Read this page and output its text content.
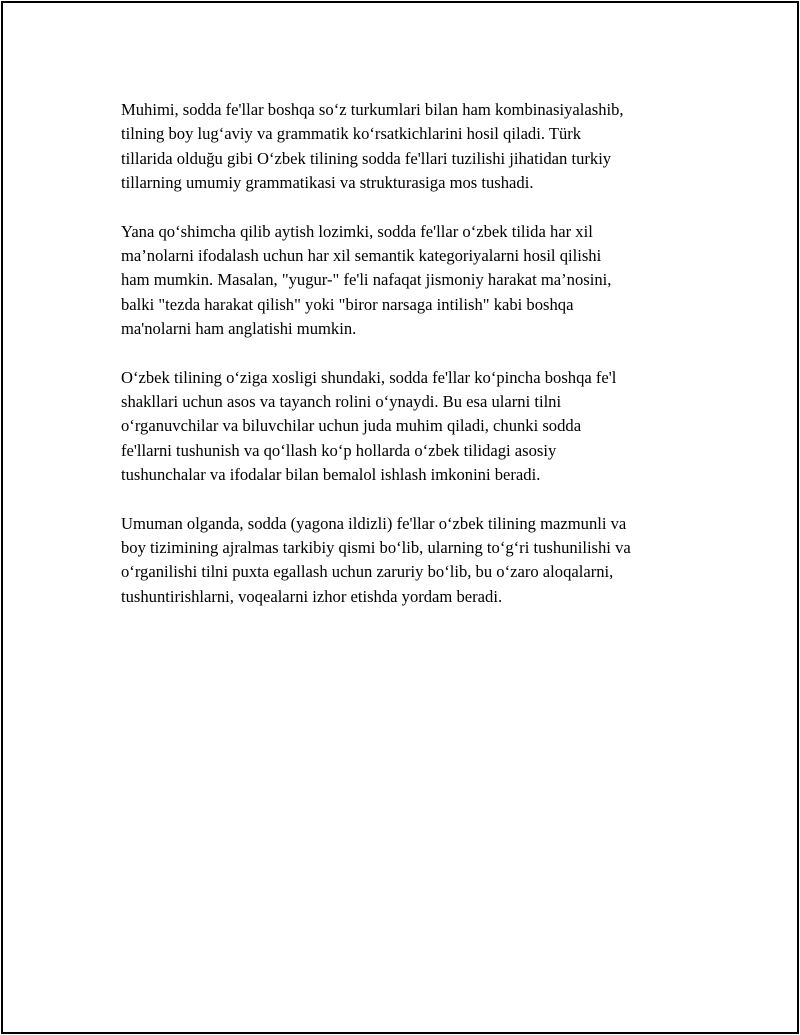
Muhimi, sodda fe'llar boshqa so‘z turkumlari bilan ham kombinasiyalashib,
tilning boy lug‘aviy va grammatik ko‘rsatkichlarini hosil qiladi. Türk
tillarida olduğu gibi O‘zbek tilining sodda fe'llari tuzilishi jihatidan turkiy
tillarning umumiy grammatikasi va strukturasiga mos tushadi.

Yana qo‘shimcha qilib aytish lozimki, sodda fe'llar o‘zbek tilida har xil
ma’nolarni ifodalash uchun har xil semantik kategoriyalarni hosil qilishi
ham mumkin. Masalan, "yugur-" fe'li nafaqat jismoniy harakat ma’nosini,
balki "tezda harakat qilish" yoki "biror narsaga intilish" kabi boshqa
ma'nolarni ham anglatishi mumkin.

O‘zbek tilining o‘ziga xosligi shundaki, sodda fe'llar ko‘pincha boshqa fe'l
shakllari uchun asos va tayanch rolini o‘ynaydi. Bu esa ularni tilni
o‘rganuvchilar va biluvchilar uchun juda muhim qiladi, chunki sodda
fe'llarni tushunish va qo‘llash ko‘p hollarda o‘zbek tilidagi asosiy
tushunchalar va ifodalar bilan bemalol ishlash imkonini beradi.

Umuman olganda, sodda (yagona ildizli) fe'llar o‘zbek tilining mazmunli va
boy tizimining ajralmas tarkibiy qismi bo‘lib, ularning to‘g‘ri tushunilishi va
o‘rganilishi tilni puxta egallash uchun zaruriy bo‘lib, bu o‘zaro aloqalarni,
tushuntirishlarni, voqealarni izhor etishda yordam beradi.
